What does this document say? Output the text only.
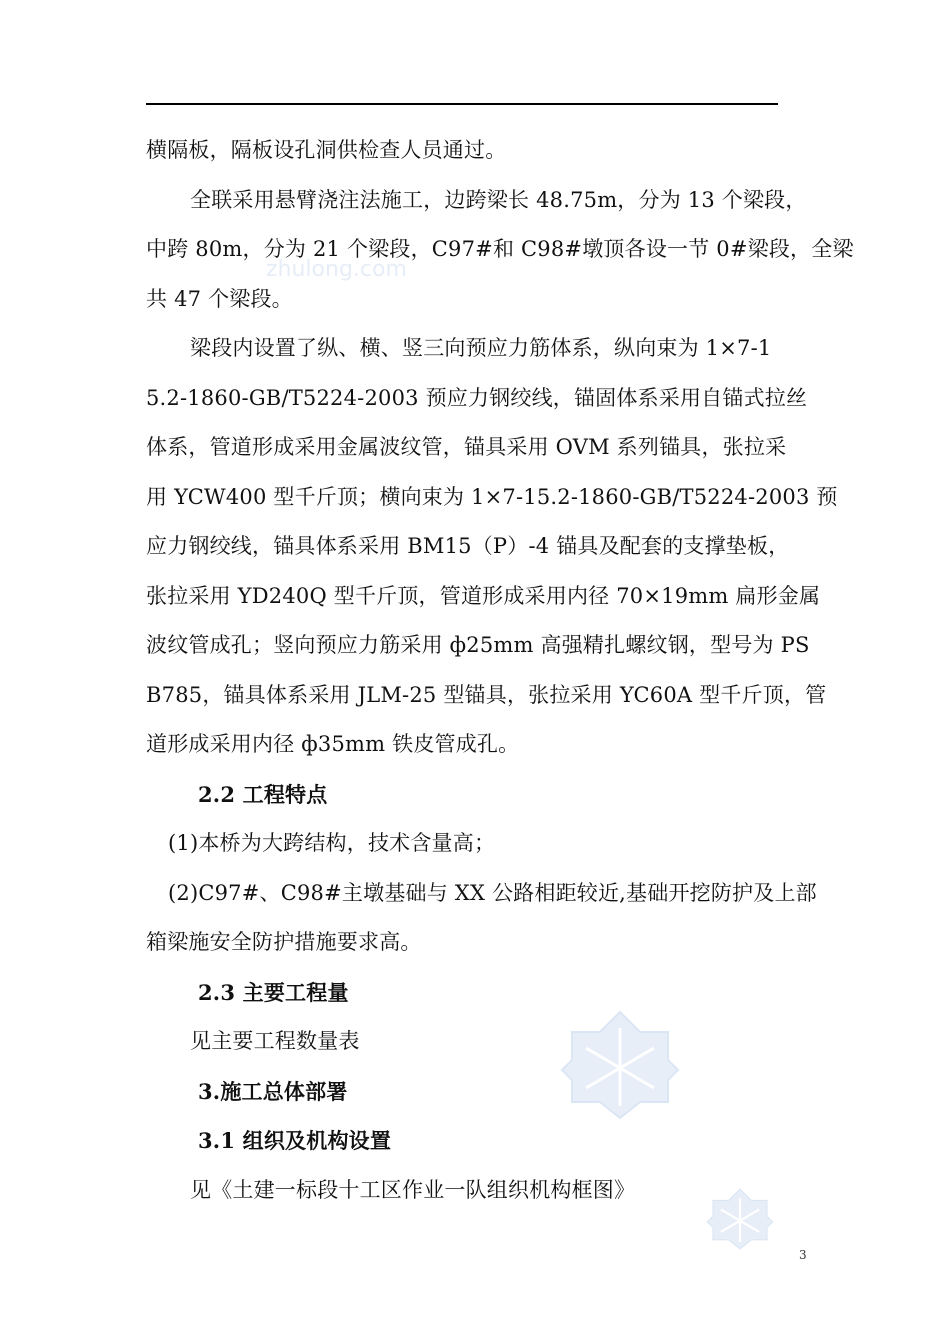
zhulong.com
横隔板，隔板设孔洞供检查人员通过。
全联采用悬臂浇注法施工，边跨梁长 48.75m，分为 13 个梁段，
中跨 80m，分为 21 个梁段，C97#和 C98#墩顶各设一节 0#梁段，全梁
共 47 个梁段。
梁段内设置了纵、横、竖三向预应力筋体系，纵向束为 1×7-1
5.2-1860-GB/T5224-2003 预应力钢绞线，锚固体系采用自锚式拉丝
体系，管道形成采用金属波纹管，锚具采用 OVM 系列锚具，张拉采
用 YCW400 型千斤顶；横向束为 1×7-15.2-1860-GB/T5224-2003 预
应力钢绞线，锚具体系采用 BM15（P）-4 锚具及配套的支撑垫板，
张拉采用 YD240Q 型千斤顶，管道形成采用内径 70×19mm 扁形金属
波纹管成孔；竖向预应力筋采用 ф25mm 高强精扎螺纹钢，型号为 PS
B785，锚具体系采用 JLM-25 型锚具，张拉采用 YC60A 型千斤顶，管
道形成采用内径 ф35mm 铁皮管成孔。
2.2 工程特点
(1)本桥为大跨结构，技术含量高；
(2)C97#、C98#主墩基础与 XX 公路相距较近,基础开挖防护及上部
箱梁施安全防护措施要求高。
2.3 主要工程量
见主要工程数量表
3.施工总体部署
3.1 组织及机构设置
见《土建一标段十工区作业一队组织机构框图》
3
